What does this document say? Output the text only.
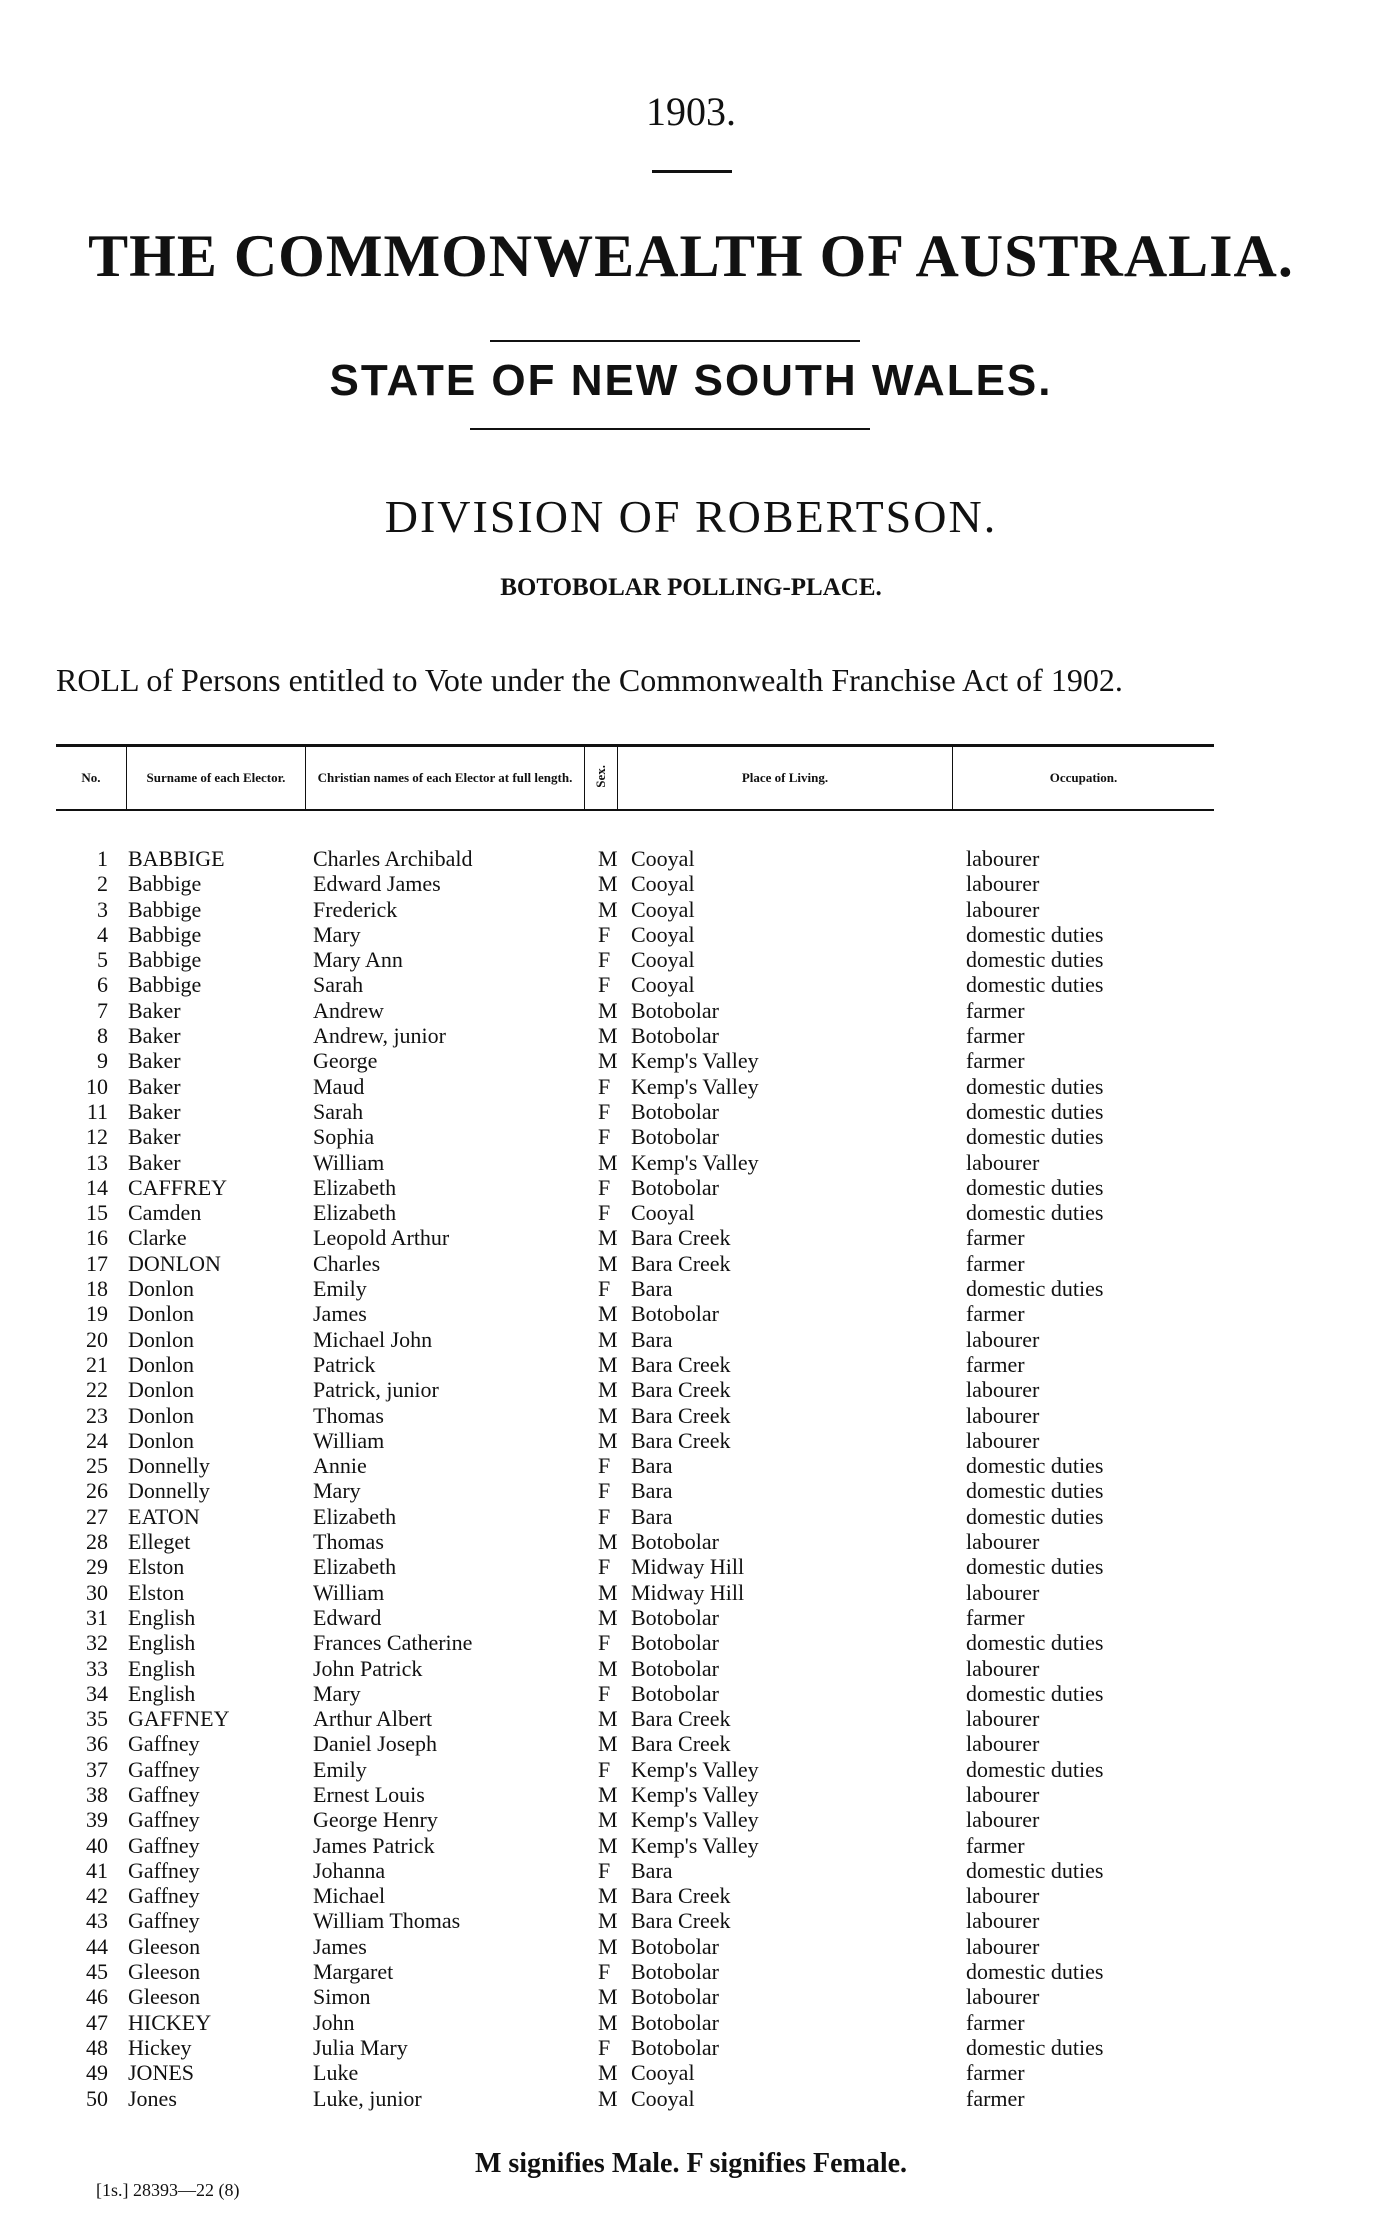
1903.
THE COMMONWEALTH OF AUSTRALIA.
STATE OF NEW SOUTH WALES.
DIVISION OF ROBERTSON.
BOTOBOLAR POLLING-PLACE.
ROLL of Persons entitled to Vote under the Commonwealth Franchise Act of 1902.
No.	Surname of each Elector.	Christian names of each Elector at full length.	Sex.	Place of Living.	Occupation.
1 BABBIGE	Charles Archibald	M Cooyal	labourer
2 Babbige	Edward James	M Cooyal	labourer
3 Babbige	Frederick	M Cooyal	labourer
4 Babbige	Mary	F Cooyal	domestic duties
5 Babbige	Mary Ann	F Cooyal	domestic duties
6 Babbige	Sarah	F Cooyal	domestic duties
7 Baker	Andrew	M Botobolar	farmer
8 Baker	Andrew, junior	M Botobolar	farmer
9 Baker	George	M Kemp's Valley	farmer
10 Baker	Maud	F Kemp's Valley	domestic duties
11 Baker	Sarah	F Botobolar	domestic duties
12 Baker	Sophia	F Botobolar	domestic duties
13 Baker	William	M Kemp's Valley	labourer
14 CAFFREY	Elizabeth	F Botobolar	domestic duties
15 Camden	Elizabeth	F Cooyal	domestic duties
16 Clarke	Leopold Arthur	M Bara Creek	farmer
17 DONLON	Charles	M Bara Creek	farmer
18 Donlon	Emily	F Bara	domestic duties
19 Donlon	James	M Botobolar	farmer
20 Donlon	Michael John	M Bara	labourer
21 Donlon	Patrick	M Bara Creek	farmer
22 Donlon	Patrick, junior	M Bara Creek	labourer
23 Donlon	Thomas	M Bara Creek	labourer
24 Donlon	William	M Bara Creek	labourer
25 Donnelly	Annie	F Bara	domestic duties
26 Donnelly	Mary	F Bara	domestic duties
27 EATON	Elizabeth	F Bara	domestic duties
28 Elleget	Thomas	M Botobolar	labourer
29 Elston	Elizabeth	F Midway Hill	domestic duties
30 Elston	William	M Midway Hill	labourer
31 English	Edward	M Botobolar	farmer
32 English	Frances Catherine	F Botobolar	domestic duties
33 English	John Patrick	M Botobolar	labourer
34 English	Mary	F Botobolar	domestic duties
35 GAFFNEY	Arthur Albert	M Bara Creek	labourer
36 Gaffney	Daniel Joseph	M Bara Creek	labourer
37 Gaffney	Emily	F Kemp's Valley	domestic duties
38 Gaffney	Ernest Louis	M Kemp's Valley	labourer
39 Gaffney	George Henry	M Kemp's Valley	labourer
40 Gaffney	James Patrick	M Kemp's Valley	farmer
41 Gaffney	Johanna	F Bara	domestic duties
42 Gaffney	Michael	M Bara Creek	labourer
43 Gaffney	William Thomas	M Bara Creek	labourer
44 Gleeson	James	M Botobolar	labourer
45 Gleeson	Margaret	F Botobolar	domestic duties
46 Gleeson	Simon	M Botobolar	labourer
47 HICKEY	John	M Botobolar	farmer
48 Hickey	Julia Mary	F Botobolar	domestic duties
49 JONES	Luke	M Cooyal	farmer
50 Jones	Luke, junior	M Cooyal	farmer
M signifies Male. F signifies Female.
[1s.] 28393—22 (8)
